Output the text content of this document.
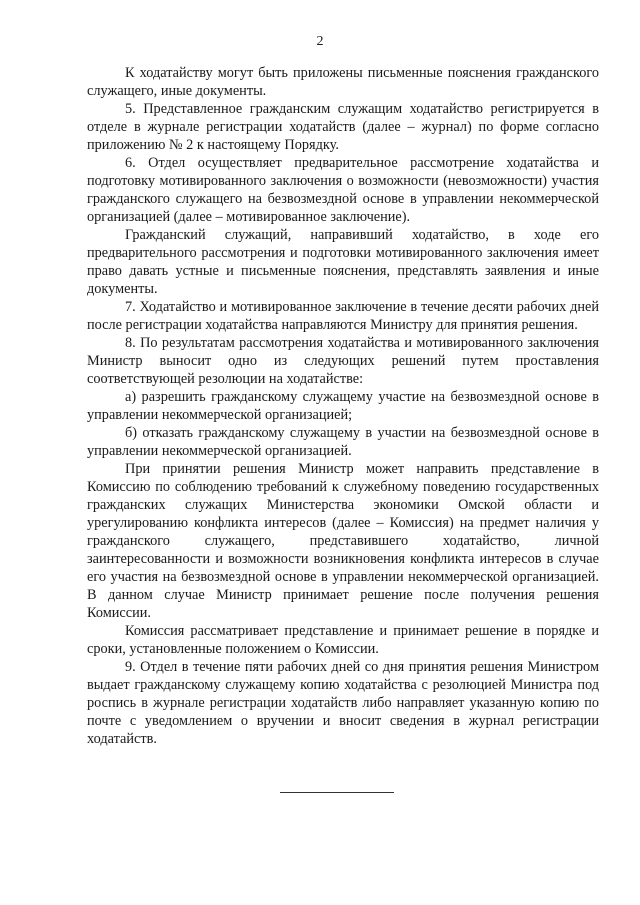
2

К ходатайству могут быть приложены письменные пояснения гражданского служащего, иные документы.

5. Представленное гражданским служащим ходатайство регистрируется в отделе в журнале регистрации ходатайств (далее – журнал) по форме согласно приложению № 2 к настоящему Порядку.

6. Отдел осуществляет предварительное рассмотрение ходатайства и подготовку мотивированного заключения о возможности (невозможности) участия гражданского служащего на безвозмездной основе в управлении некоммерческой организацией (далее – мотивированное заключение).

Гражданский служащий, направивший ходатайство, в ходе его предварительного рассмотрения и подготовки мотивированного заключения имеет право давать устные и письменные пояснения, представлять заявления и иные документы.

7. Ходатайство и мотивированное заключение в течение десяти рабочих дней после регистрации ходатайства направляются Министру для принятия решения.

8. По результатам рассмотрения ходатайства и мотивированного заключения Министр выносит одно из следующих решений путем проставления соответствующей резолюции на ходатайстве:

а) разрешить гражданскому служащему участие на безвозмездной основе в управлении некоммерческой организацией;

б) отказать гражданскому служащему в участии на безвозмездной основе в управлении некоммерческой организацией.

При принятии решения Министр может направить представление в Комиссию по соблюдению требований к служебному поведению государственных гражданских служащих Министерства экономики Омской области и урегулированию конфликта интересов (далее – Комиссия) на предмет наличия у гражданского служащего, представившего ходатайство, личной заинтересованности и возможности возникновения конфликта интересов в случае его участия на безвозмездной основе в управлении некоммерческой организацией. В данном случае Министр принимает решение после получения решения Комиссии.

Комиссия рассматривает представление и принимает решение в порядке и сроки, установленные положением о Комиссии.

9. Отдел в течение пяти рабочих дней со дня принятия решения Министром выдает гражданскому служащему копию ходатайства с резолюцией Министра под роспись в журнале регистрации ходатайств либо направляет указанную копию по почте с уведомлением о вручении и вносит сведения в журнал регистрации ходатайств.
